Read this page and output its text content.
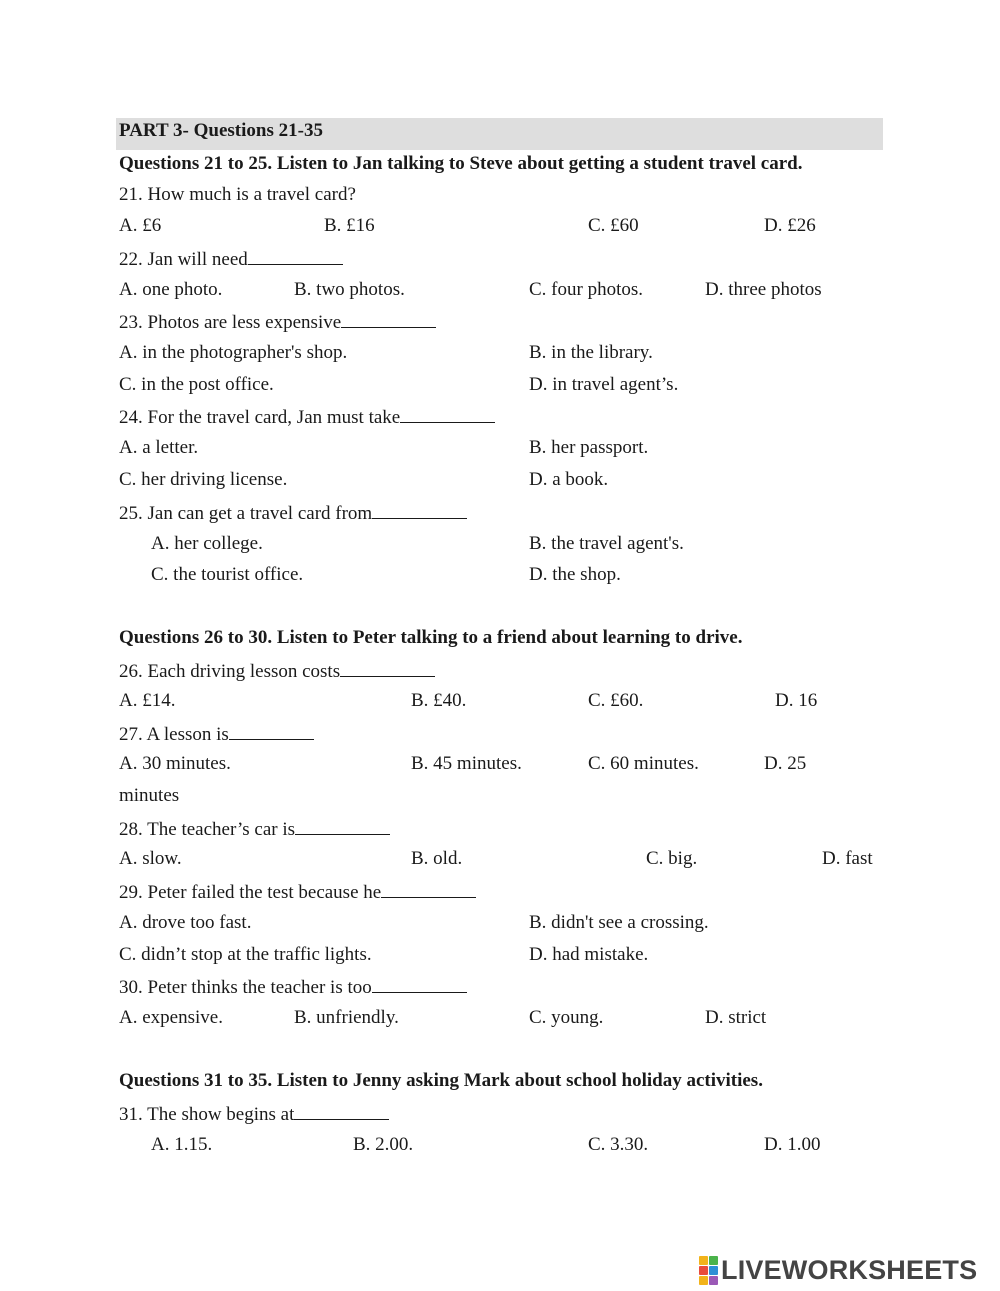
PART 3- Questions 21-35
Questions 21 to 25. Listen to Jan talking to Steve about getting a student travel card.
21. How much is a travel card?
A. £6	B. £16	C. £60	D. £26
22. Jan will need
A. one photo.	B. two photos.	C. four photos.	D. three photos
23. Photos are less expensive
A. in the photographer's shop.	B. in the library.
C. in the post office.	D. in travel agent’s.
24. For the travel card, Jan must take
A. a letter.	B. her passport.
C. her driving license.	D. a book.
25. Jan can get a travel card from
A. her college.	B. the travel agent's.
C. the tourist office.	D. the shop.
Questions 26 to 30. Listen to Peter talking to a friend about learning to drive.
26. Each driving lesson costs
A. £14.	B. £40.	C. £60.	D. 16
27. A lesson is
A. 30 minutes.	B. 45 minutes.	C. 60 minutes.	D. 25
minutes
28. The teacher’s car is
A. slow.	B. old.	C. big.	D. fast
29. Peter failed the test because he
A. drove too fast.	B. didn't see a crossing.
C. didn’t stop at the traffic lights.	D. had mistake.
30. Peter thinks the teacher is too
A. expensive.	B. unfriendly.	C. young.	D. strict
Questions 31 to 35. Listen to Jenny asking Mark about school holiday activities.
31. The show begins at
A. 1.15.	B. 2.00.	C. 3.30.	D. 1.00
LIVEWORKSHEETS
